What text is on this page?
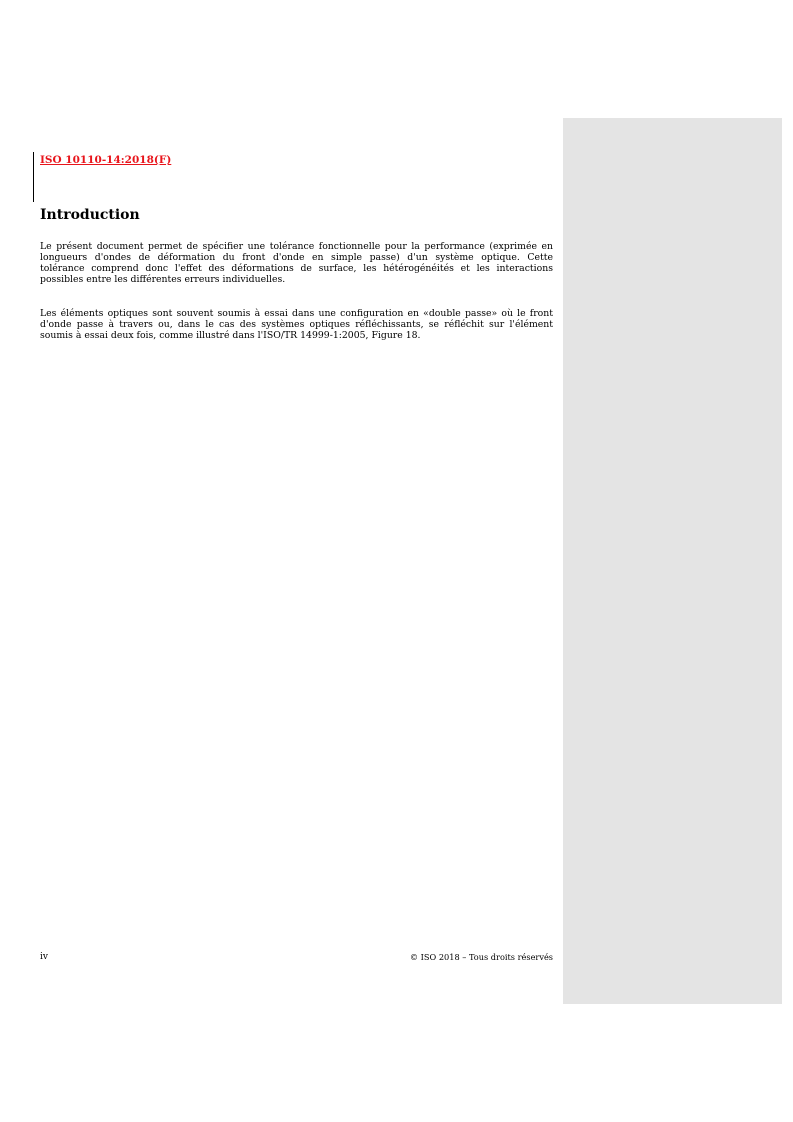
ISO 10110-14:2018(F)
Introduction

Le présent document permet de spécifier une tolérance fonctionnelle pour la performance (exprimée en
longueurs d'ondes de déformation du front d'onde en simple passe) d'un système optique. Cette
tolérance comprend donc l'effet des déformations de surface, les hétérogénéités et les interactions
possibles entre les différentes erreurs individuelles.

Les éléments optiques sont souvent soumis à essai dans une configuration en «double passe» où le front
d'onde passe à travers ou, dans le cas des systèmes optiques réfléchissants, se réfléchit sur l'élément
soumis à essai deux fois, comme illustré dans l'ISO/TR 14999-1:2005, Figure 18.

iv	© ISO 2018 – Tous droits réservés
